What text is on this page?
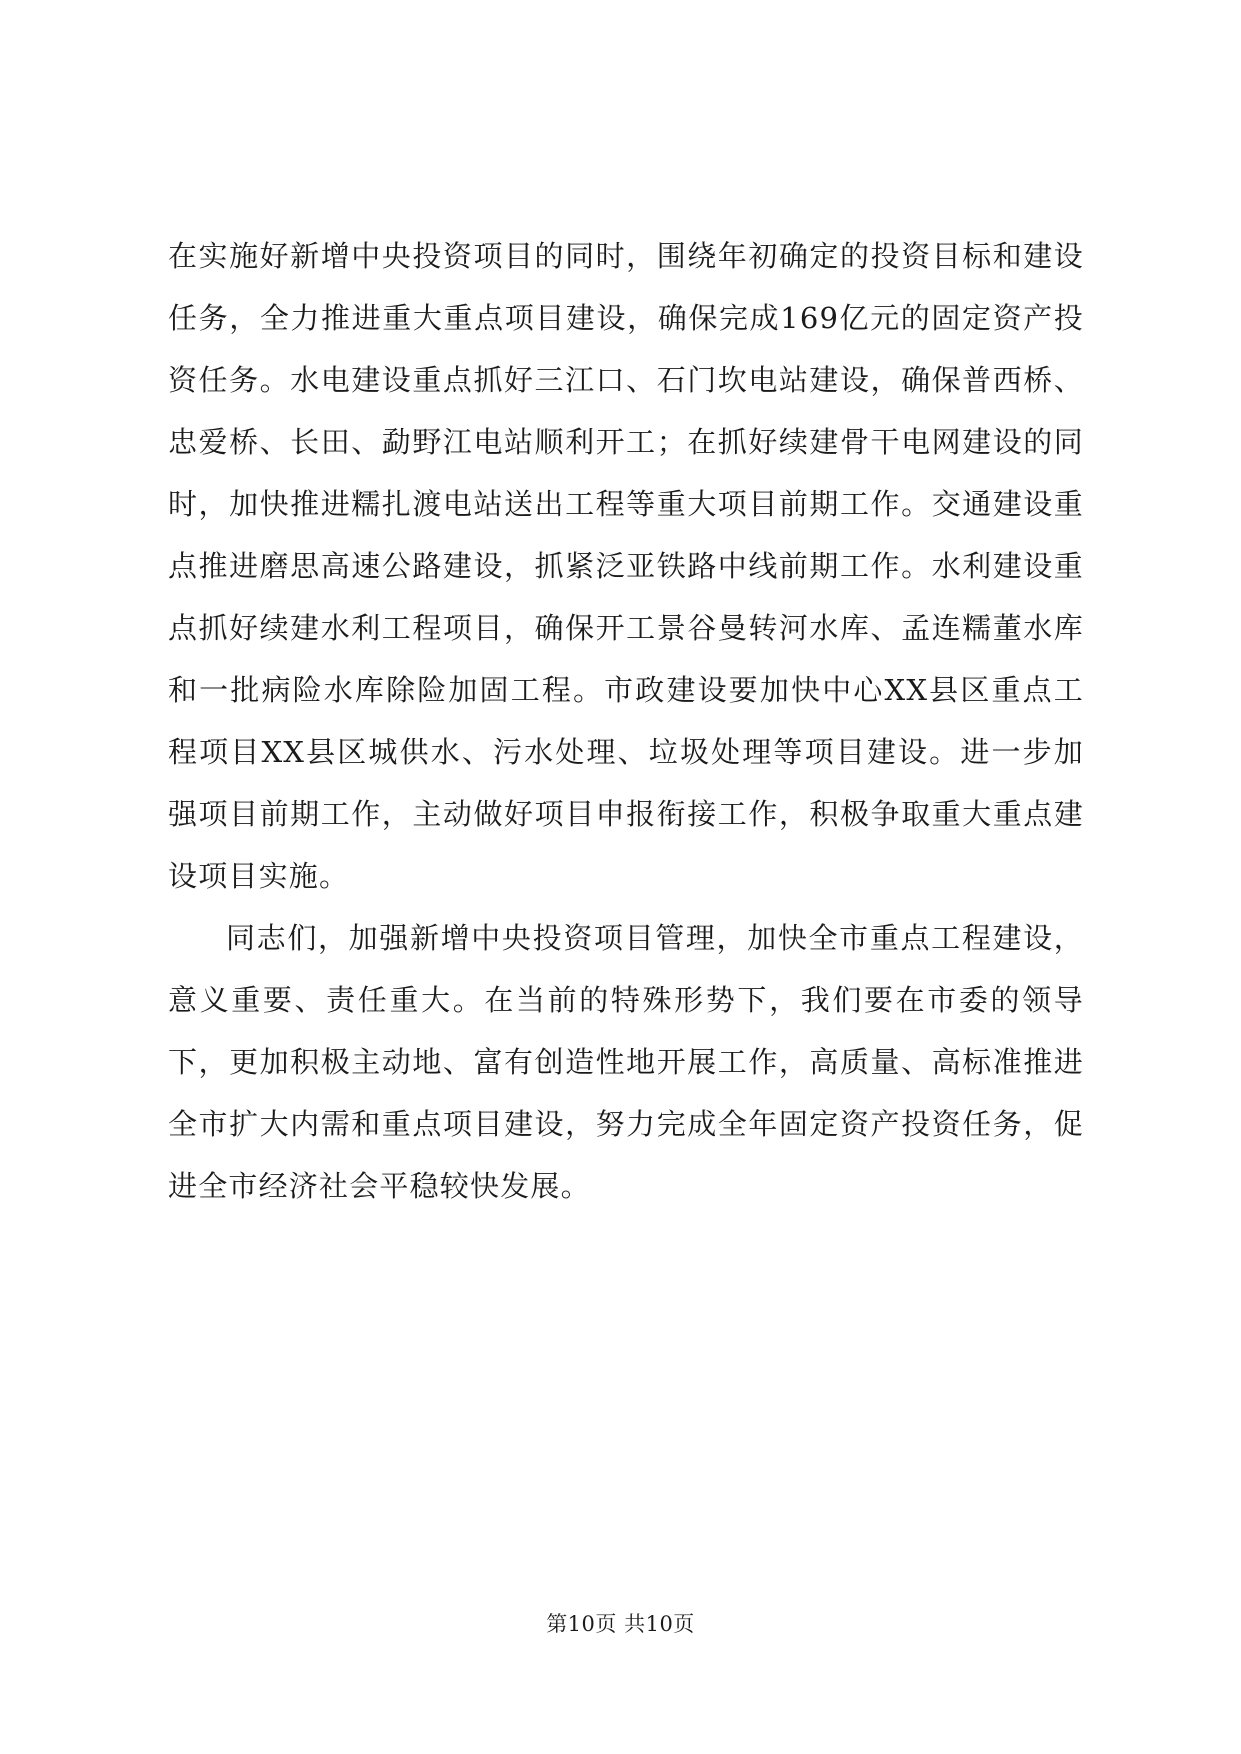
在实施好新增中央投资项目的同时，围绕年初确定的投资目标和建设任务，全力推进重大重点项目建设，确保完成169亿元的固定资产投资任务。水电建设重点抓好三江口、石门坎电站建设，确保普西桥、忠爱桥、长田、勐野江电站顺利开工；在抓好续建骨干电网建设的同时，加快推进糯扎渡电站送出工程等重大项目前期工作。交通建设重点推进磨思高速公路建设，抓紧泛亚铁路中线前期工作。水利建设重点抓好续建水利工程项目，确保开工景谷曼转河水库、孟连糯董水库和一批病险水库除险加固工程。市政建设要加快中心XX县区重点工程项目XX县区城供水、污水处理、垃圾处理等项目建设。进一步加强项目前期工作，主动做好项目申报衔接工作，积极争取重大重点建设项目实施。

同志们，加强新增中央投资项目管理，加快全市重点工程建设，意义重要、责任重大。在当前的特殊形势下，我们要在市委的领导下，更加积极主动地、富有创造性地开展工作，高质量、高标准推进全市扩大内需和重点项目建设，努力完成全年固定资产投资任务，促进全市经济社会平稳较快发展。

第10页 共10页
